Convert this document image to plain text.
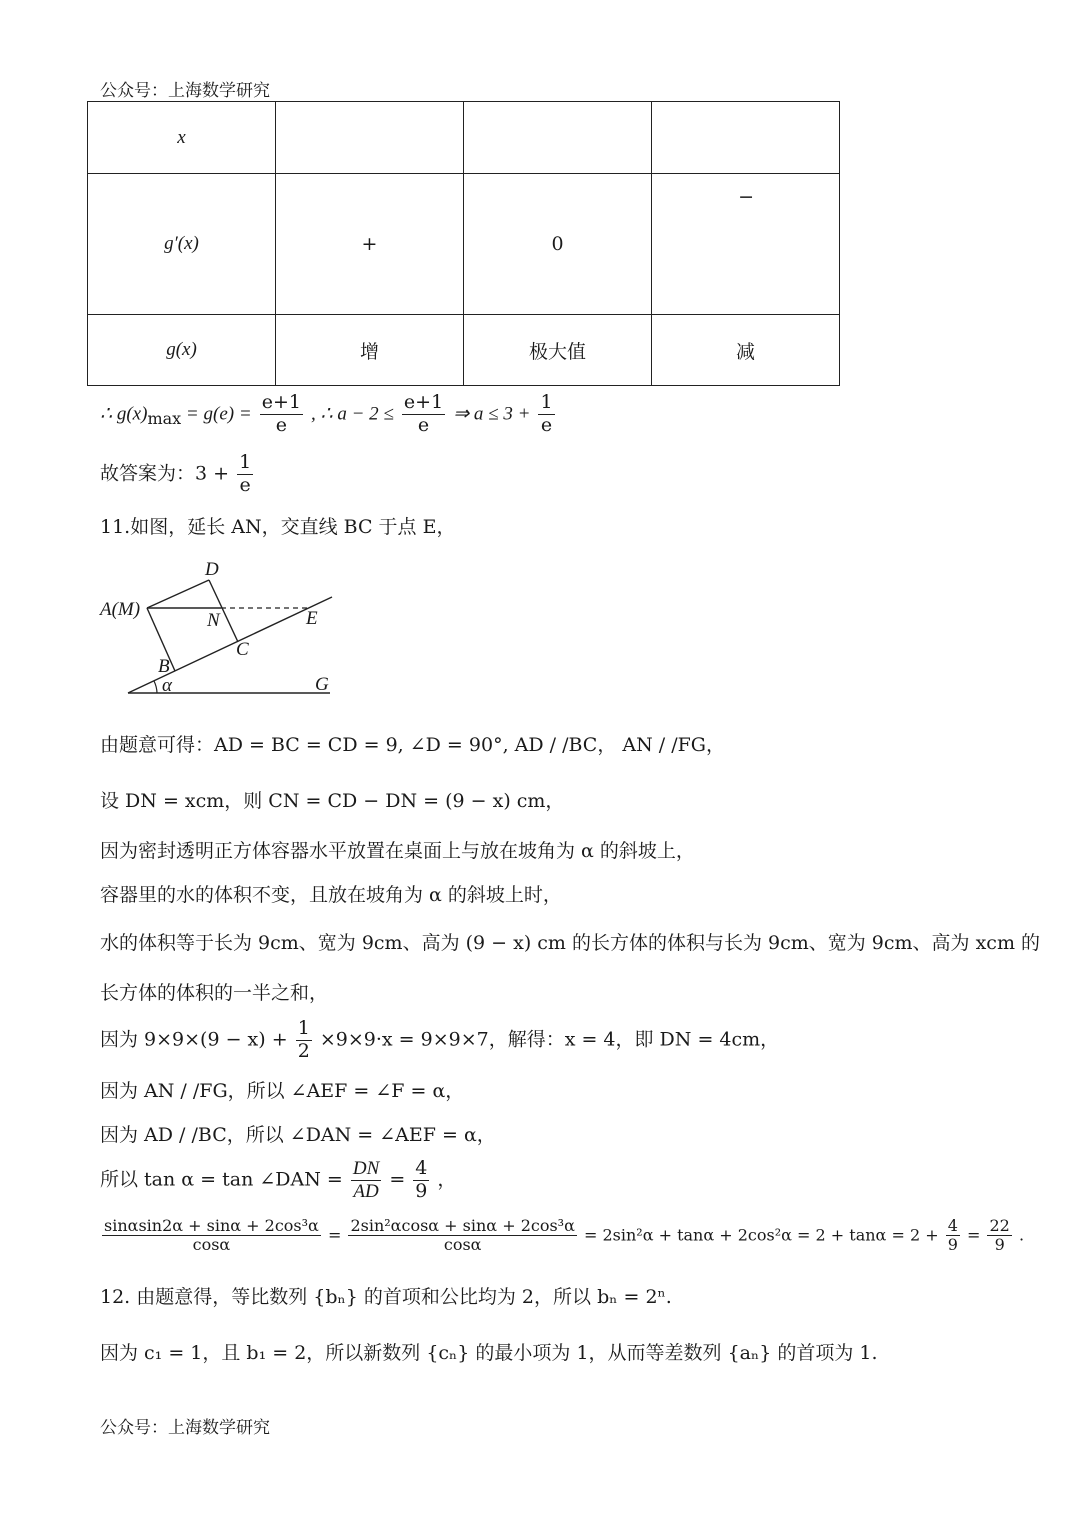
公众号：上海数学研究
x			
g′(x)	+	0	−

g(x)	增	极大值	减
∴ $g(x)_{max} = g(e) = \frac{e+1}{e}$ , ∴ $a - 2 \le \frac{e+1}{e}$ ⇒ $a \le 3 + \frac{1}{e}$
故答案为：$3 + \frac{1}{e}$
11.如图，延长 AN，交直线 BC 于点 E，
D
A(M)
N	E
C
B
α	G
由题意可得：AD = BC = CD = 9, ∠D = 90°, AD / /BC， AN / /FG，
设 DN = xcm，则 CN = CD − DN = (9 − x) cm，
因为密封透明正方体容器水平放置在桌面上与放在坡角为 α 的斜坡上，
容器里的水的体积不变，且放在坡角为 α 的斜坡上时，
水的体积等于长为 9cm、宽为 9cm、高为 (9 − x) cm 的长方体的体积与长为 9cm、宽为 9cm、高为 xcm 的
长方体的体积的一半之和，
因为 $9\times 9\times(9 - x) + \frac{1}{2} \times 9\times 9\cdot x = 9\times 9\times 7$，解得：x = 4，即 DN = 4cm，
因为 AN / /FG，所以 ∠AEF = ∠F = α，
因为 AD / /BC，所以 ∠DAN = ∠AEF = α，
所以 tan α = tan ∠DAN = $\frac{DN}{AD} = \frac{4}{9}$ ，
$\frac{\text{sinαsin2α + sinα + 2cos³α}}{\cos\alpha} = \frac{\text{2sin²αcosα + sinα + 2cos³α}}{\cos\alpha} = 2\sin^2\alpha + \tan\alpha + 2\cos^2\alpha = 2 + \tan\alpha = 2 + \frac{4}{9} = \frac{22}{9}$ .
12. 由题意得，等比数列 {bₙ} 的首项和公比均为 2，所以 bₙ = 2ⁿ.
因为 c₁ = 1，且 b₁ = 2，所以新数列 {cₙ} 的最小项为 1，从而等差数列 {aₙ} 的首项为 1.
公众号：上海数学研究
